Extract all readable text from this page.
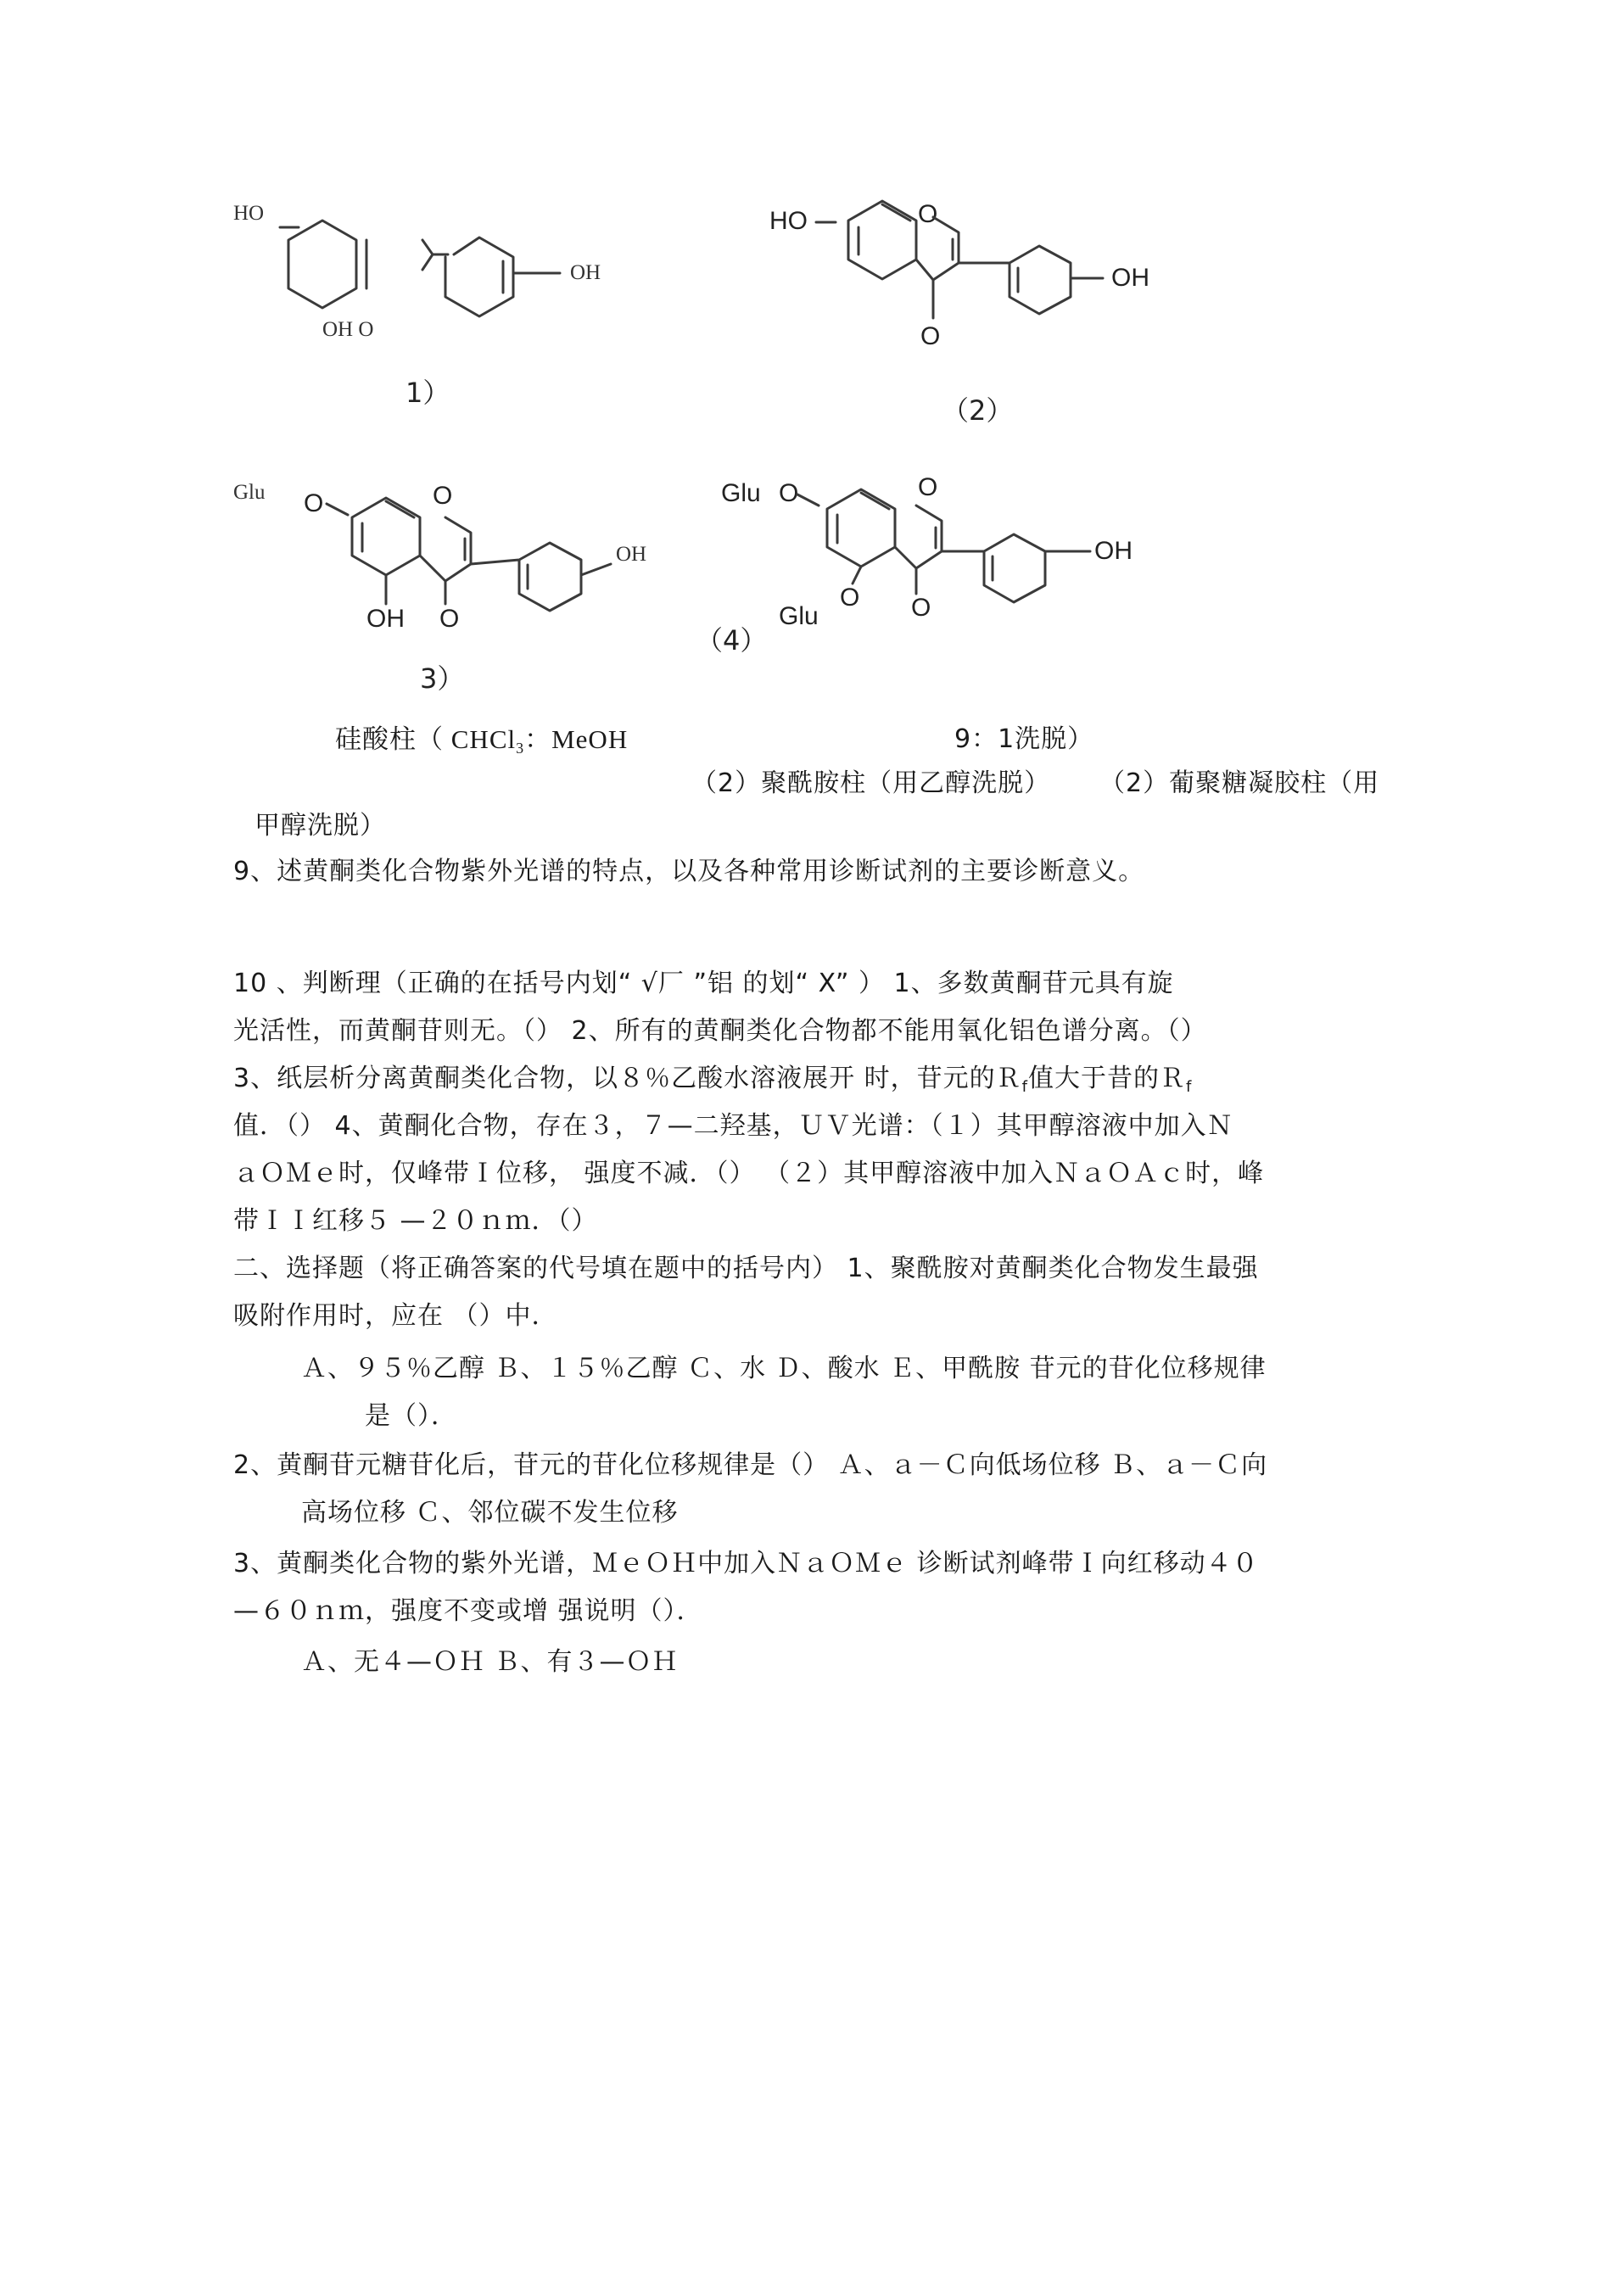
HO
OH
OH O
1）
HO	O
O
OH
（2）
Glu O	O
OH
OH O
3）
Glu O	O
OH
Glu
O O
（4）
硅酸柱（ CHCl$_3$：MeOH	9：1洗脱）
（2）聚酰胺柱（用乙醇洗脱） （2）葡聚糖凝胶柱（用
甲醇洗脱）
9、述黄酮类化合物紫外光谱的特点，以及各种常用诊断试剂的主要诊断意义。
10 、判断理（正确的在括号内划“ √厂 ”铝 的划“ X” ） 1、多数黄酮苷元具有旋
光活性，而黄酮苷则无。（） 2、所有的黄酮类化合物都不能用氧化铝色谱分离。（）
3、纸层析分离黄酮类化合物，以８％乙酸水溶液展开 时，苷元的Ｒ$_f$值大于昔的Ｒ$_f$
值．（） 4、黄酮化合物，存在３，７—二羟基，ＵＶ光谱：（１）其甲醇溶液中加入Ｎ
ａＯＭｅ时，仅峰带Ｉ位移， 强度不减．（） （２）其甲醇溶液中加入ＮａＯＡｃ时，峰
带ＩＩ红移５ —２０ｎｍ．（）
二、选择题（将正确答案的代号填在题中的括号内） 1、聚酰胺对黄酮类化合物发生最强
吸附作用时，应在 （）中．
Ａ、９５％乙醇 Ｂ、１５％乙醇 Ｃ、水 Ｄ、酸水 Ｅ、甲酰胺 苷元的苷化位移规律
是（）．
2、黄酮苷元糖苷化后，苷元的苷化位移规律是（） Ａ、ａ－Ｃ向低场位移 Ｂ、ａ－Ｃ向
高场位移 Ｃ、邻位碳不发生位移
3、黄酮类化合物的紫外光谱，ＭｅＯＨ中加入ＮａＯＭｅ 诊断试剂峰带Ｉ向红移动４０
—６０ｎｍ，强度不变或增 强说明（）．
Ａ、无４—ＯＨ Ｂ、有３—ＯＨ
